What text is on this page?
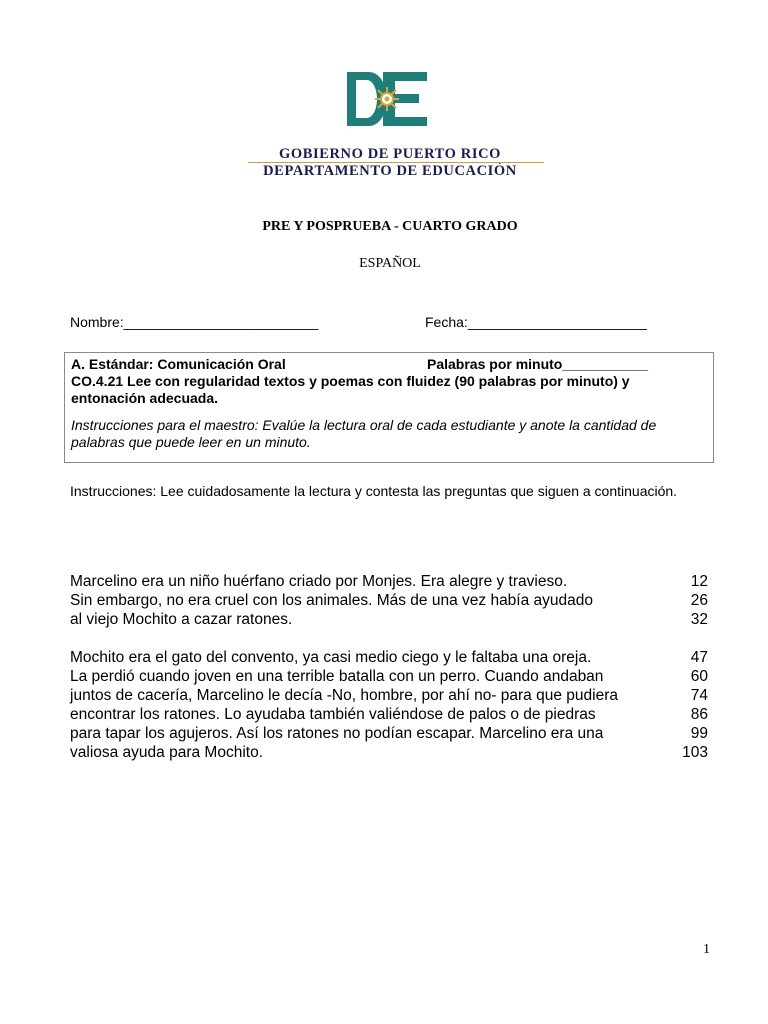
GOBIERNO DE PUERTO RICO
DEPARTAMENTO DE EDUCACIÓN
PRE Y POSPRUEBA - CUARTO GRADO
ESPAÑOL
Nombre:_________________________	Fecha:_______________________
A. Estándar: Comunicación Oral	Palabras por minuto___________
CO.4.21 Lee con regularidad textos y poemas con fluidez (90 palabras por minuto) y entonación adecuada.
Instrucciones para el maestro: Evalúe la lectura oral de cada estudiante y anote la cantidad de palabras que puede leer en un minuto.
Instrucciones: Lee cuidadosamente la lectura y contesta las preguntas que siguen a continuación.
Marcelino era un niño huérfano criado por Monjes. Era alegre y travieso.	12
Sin embargo, no era cruel con los animales. Más de una vez había ayudado	26
al viejo Mochito a cazar ratones.	32
Mochito era el gato del convento, ya casi medio ciego y le faltaba una oreja.	47
La perdió cuando joven en una terrible batalla con un perro. Cuando andaban	60
juntos de cacería, Marcelino le decía -No, hombre, por ahí no- para que pudiera	74
encontrar los ratones. Lo ayudaba también valiéndose de palos o de piedras	86
para tapar los agujeros. Así los ratones no podían escapar. Marcelino era una	99
valiosa ayuda para Mochito.	103
1
